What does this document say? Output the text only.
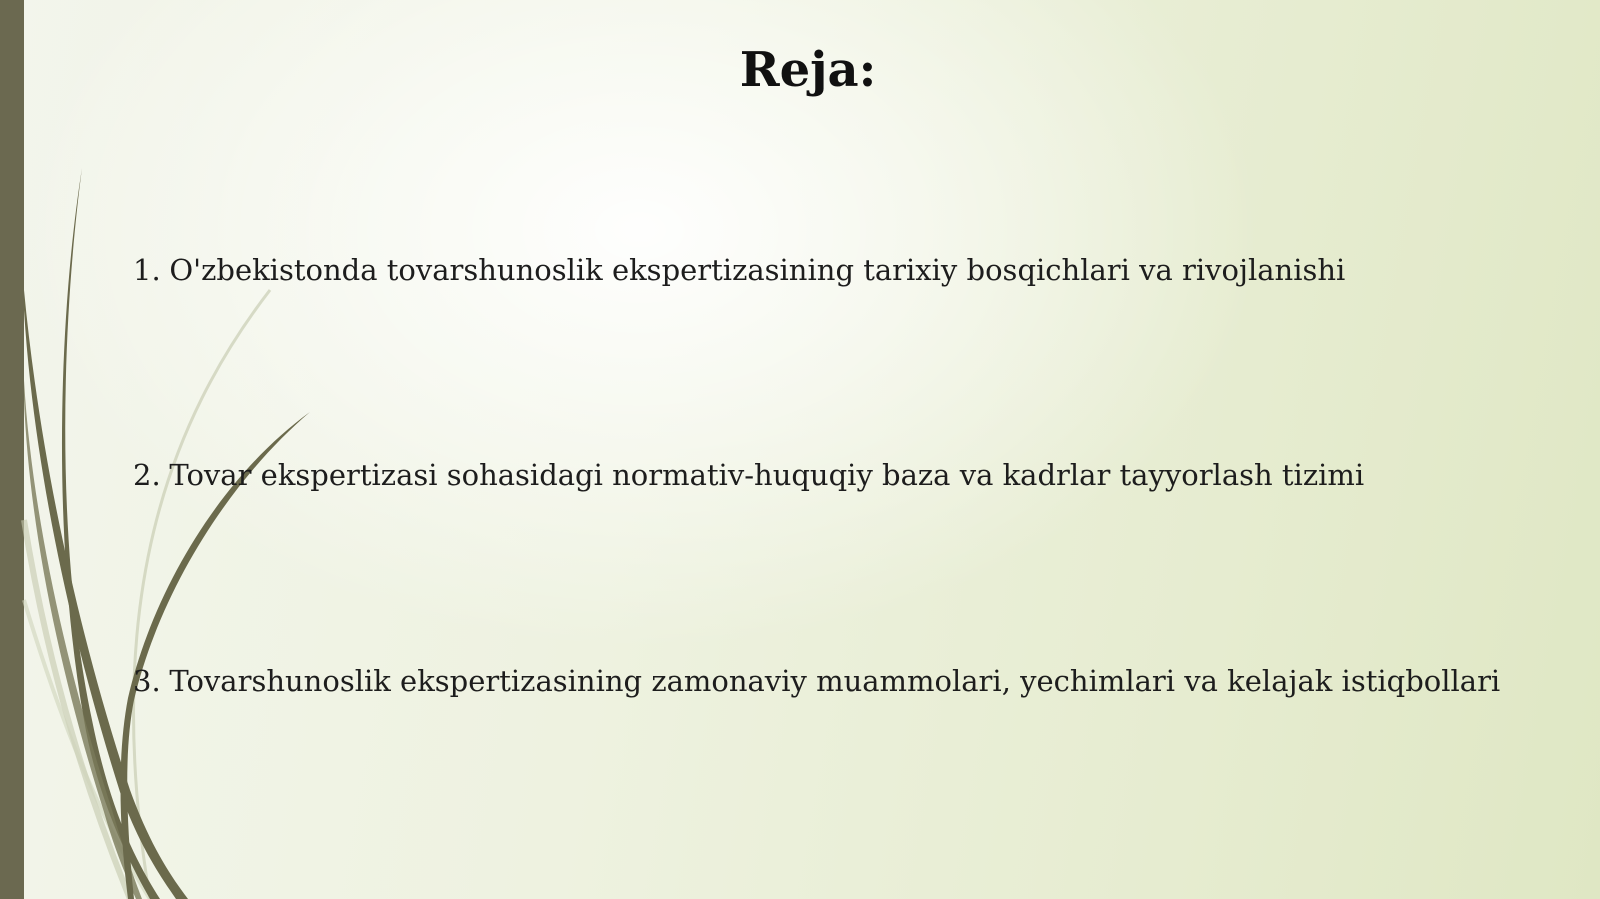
Reja:
1. O'zbekistonda tovarshunoslik ekspertizasining tarixiy bosqichlari va rivojlanishi
2. Tovar ekspertizasi sohasidagi normativ-huquqiy baza va kadrlar tayyorlash tizimi
3. Tovarshunoslik ekspertizasining zamonaviy muammolari, yechimlari va kelajak istiqbollari
